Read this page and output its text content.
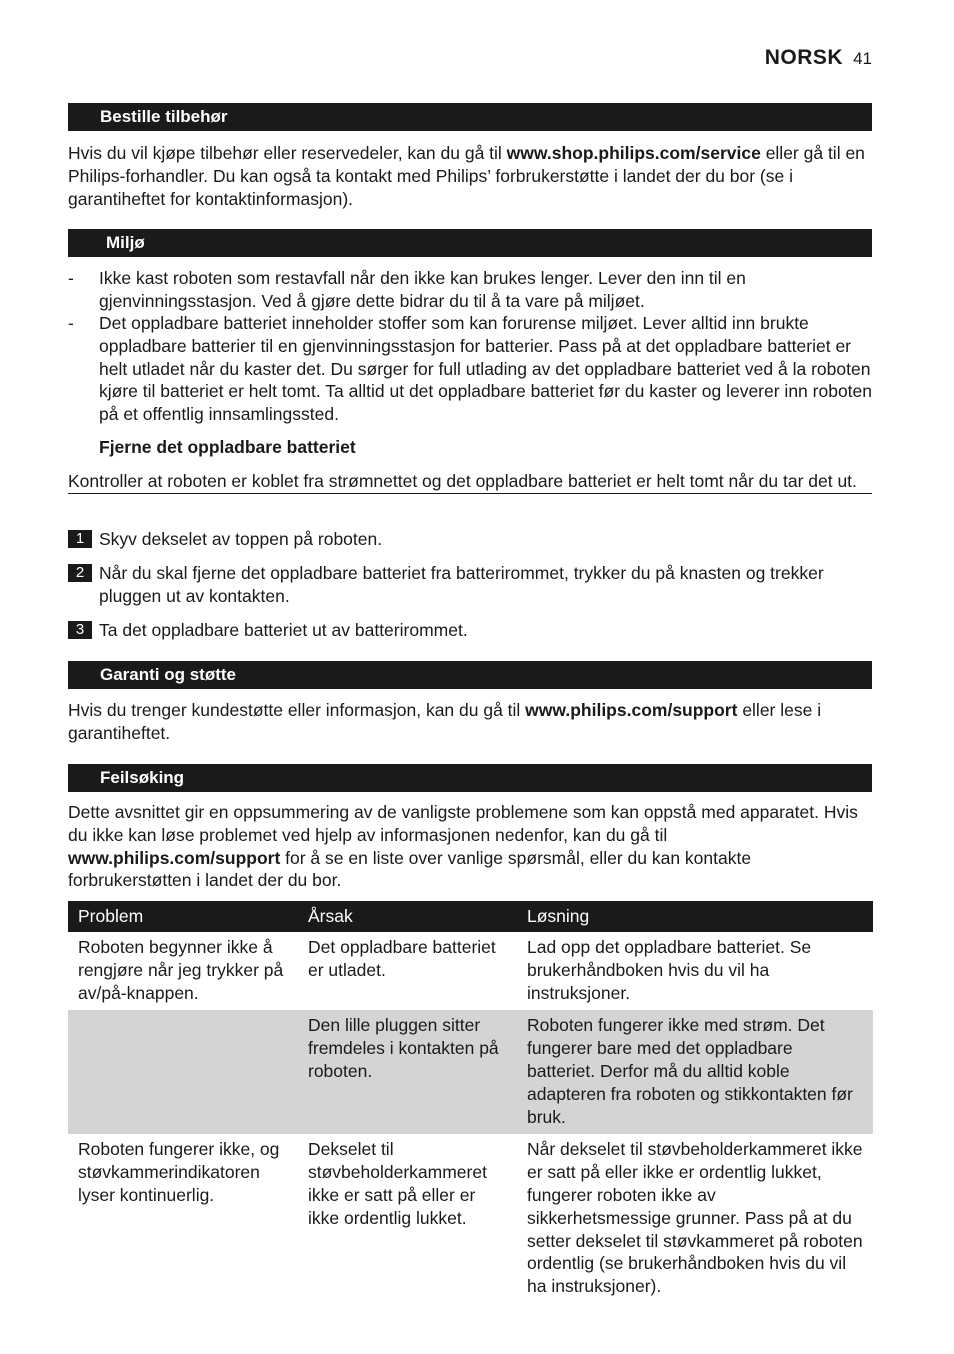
NORSK 41
Bestille tilbehør
Hvis du vil kjøpe tilbehør eller reservedeler, kan du gå til www.shop.philips.com/service eller gå til en Philips-forhandler. Du kan også ta kontakt med Philips’ forbrukerstøtte i landet der du bor (se i garantiheftet for kontaktinformasjon).
Miljø
- Ikke kast roboten som restavfall når den ikke kan brukes lenger. Lever den inn til en gjenvinningsstasjon. Ved å gjøre dette bidrar du til å ta vare på miljøet.
- Det oppladbare batteriet inneholder stoffer som kan forurense miljøet. Lever alltid inn brukte oppladbare batterier til en gjenvinningsstasjon for batterier. Pass på at det oppladbare batteriet er helt utladet når du kaster det. Du sørger for full utlading av det oppladbare batteriet ved å la roboten kjøre til batteriet er helt tomt. Ta alltid ut det oppladbare batteriet før du kaster og leverer inn roboten på et offentlig innsamlingssted.
Fjerne det oppladbare batteriet
Kontroller at roboten er koblet fra strømnettet og det oppladbare batteriet er helt tomt når du tar det ut.
1 Skyv dekselet av toppen på roboten.
2 Når du skal fjerne det oppladbare batteriet fra batterirommet, trykker du på knasten og trekker pluggen ut av kontakten.
3 Ta det oppladbare batteriet ut av batterirommet.
Garanti og støtte
Hvis du trenger kundestøtte eller informasjon, kan du gå til www.philips.com/support eller lese i garantiheftet.
Feilsøking
Dette avsnittet gir en oppsummering av de vanligste problemene som kan oppstå med apparatet. Hvis du ikke kan løse problemet ved hjelp av informasjonen nedenfor, kan du gå til www.philips.com/support for å se en liste over vanlige spørsmål, eller du kan kontakte forbrukerstøtten i landet der du bor.
Problem	Årsak	Løsning
Roboten begynner ikke å rengjøre når jeg trykker på av/på-knappen.	Det oppladbare batteriet er utladet.	Lad opp det oppladbare batteriet. Se brukerhåndboken hvis du vil ha instruksjoner.
	Den lille pluggen sitter fremdeles i kontakten på roboten.	Roboten fungerer ikke med strøm. Det fungerer bare med det oppladbare batteriet. Derfor må du alltid koble adapteren fra roboten og stikkontakten før bruk.
Roboten fungerer ikke, og støvkammerindikatoren lyser kontinuerlig.	Dekselet til støvbeholderkammeret ikke er satt på eller er ikke ordentlig lukket.	Når dekselet til støvbeholderkammeret ikke er satt på eller ikke er ordentlig lukket, fungerer roboten ikke av sikkerhetsmessige grunner. Pass på at du setter dekselet til støvkammeret på roboten ordentlig (se brukerhåndboken hvis du vil ha instruksjoner).
